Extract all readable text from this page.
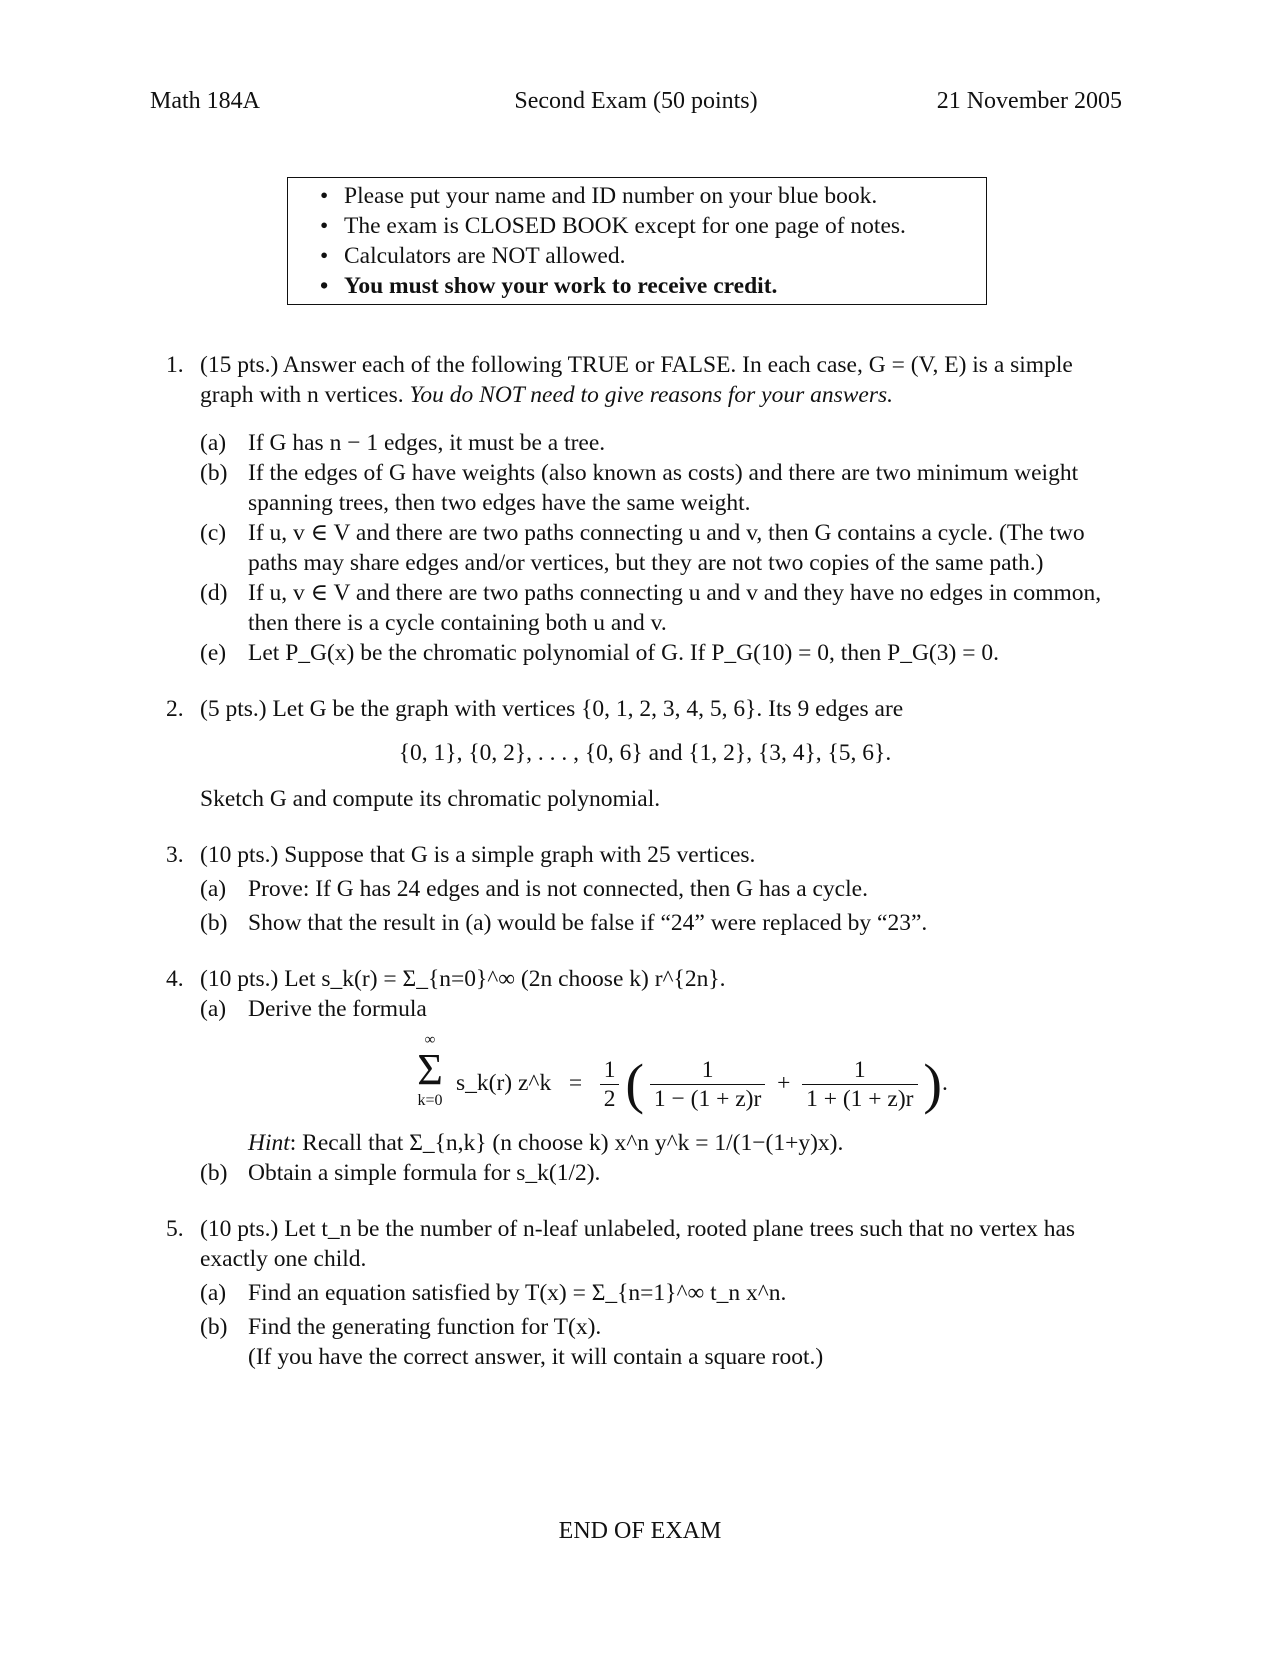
Math 184A	Second Exam (50 points)	21 November 2005
• Please put your name and ID number on your blue book.
• The exam is CLOSED BOOK except for one page of notes.
• Calculators are NOT allowed.
• You must show your work to receive credit.
1. (15 pts.) Answer each of the following TRUE or FALSE. In each case, G = (V, E) is a simple graph with n vertices. You do NOT need to give reasons for your answers.
(a) If G has n − 1 edges, it must be a tree.
(b) If the edges of G have weights (also known as costs) and there are two minimum weight spanning trees, then two edges have the same weight.
(c) If u, v ∈ V and there are two paths connecting u and v, then G contains a cycle. (The two paths may share edges and/or vertices, but they are not two copies of the same path.)
(d) If u, v ∈ V and there are two paths connecting u and v and they have no edges in common, then there is a cycle containing both u and v.
(e) Let P_G(x) be the chromatic polynomial of G. If P_G(10) = 0, then P_G(3) = 0.
2. (5 pts.) Let G be the graph with vertices {0, 1, 2, 3, 4, 5, 6}. Its 9 edges are
{0, 1}, {0, 2}, . . . , {0, 6} and {1, 2}, {3, 4}, {5, 6}.
Sketch G and compute its chromatic polynomial.
3. (10 pts.) Suppose that G is a simple graph with 25 vertices.
(a) Prove: If G has 24 edges and is not connected, then G has a cycle.
(b) Show that the result in (a) would be false if “24” were replaced by “23”.
4. (10 pts.) Let s_k(r) = Σ_{n=0}^∞ (2n choose k) r^{2n}.
(a) Derive the formula
∞
Σ
k=0
s_k(r) z^k   = $\frac{1}{2}$ ( $\frac{1}{1 - (1 + z)r} + \frac{1}{1 + (1 + z)r}$ ).
Hint: Recall that Σ_{n,k} (n choose k) x^n y^k = 1/(1−(1+y)x).
(b) Obtain a simple formula for s_k(1/2).
5. (10 pts.) Let t_n be the number of n-leaf unlabeled, rooted plane trees such that no vertex has exactly one child.
(a) Find an equation satisfied by T(x) = Σ_{n=1}^∞ t_n x^n.
(b) Find the generating function for T(x).
(If you have the correct answer, it will contain a square root.)
END OF EXAM
